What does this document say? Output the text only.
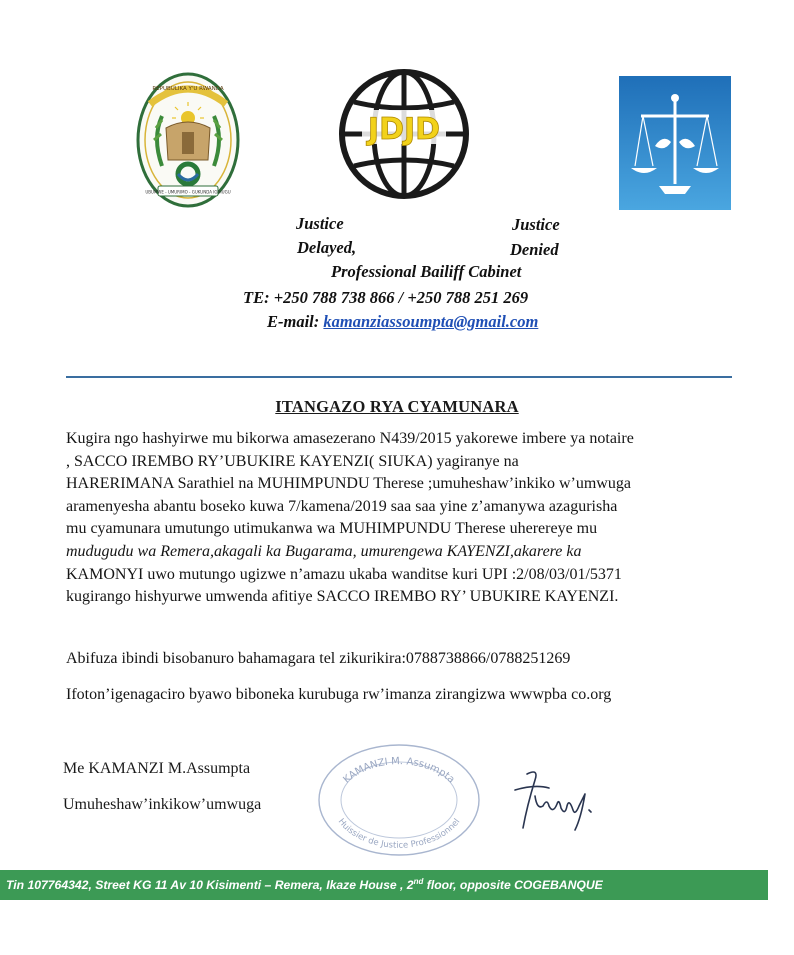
REPUBULIKA Y'U RWANDA
UBUMWE - UMURIMO - GUKUNDA IGIHUGU
JDJD
Justice	Justice
Delayed,	Denied
Professional Bailiff Cabinet
TE: +250 788 738 866 / +250 788 251 269
E-mail: kamanziassoumpta@gmail.com
ITANGAZO RYA CYAMUNARA
Kugira ngo hashyirwe mu bikorwa amasezerano N439/2015 yakorewe imbere ya notaire
, SACCO IREMBO RY’UBUKIRE KAYENZI( SIUKA) yagiranye na
HARERIMANA Sarathiel na MUHIMPUNDU Therese ;umuheshaw’inkiko w’umwuga
aramenyesha abantu boseko kuwa 7/kamena/2019 saa saa yine z’amanywa azagurisha
mu cyamunara umutungo utimukanwa wa MUHIMPUNDU Therese uherereye mu
mudugudu wa Remera,akagali ka Bugarama, umurengewa KAYENZI,akarere ka
KAMONYI uwo mutungo ugizwe n’amazu ukaba wanditse kuri UPI :2/08/03/01/5371
kugirango hishyurwe umwenda afitiye SACCO IREMBO RY’ UBUKIRE KAYENZI.
Abifuza ibindi bisobanuro bahamagara tel zikurikira:0788738866/0788251269
Ifoton’igenagaciro byawo biboneka kurubuga rw’imanza zirangizwa wwwpba co.org
Me KAMANZI M.Assumpta
Umuheshaw’inkikow’umwuga
KAMANZI M. Assumpta
Huissier de Justice Professionnel
Tin 107764342, Street KG 11 Av 10 Kisimenti – Remera, Ikaze House , 2nd floor, opposite COGEBANQUE
